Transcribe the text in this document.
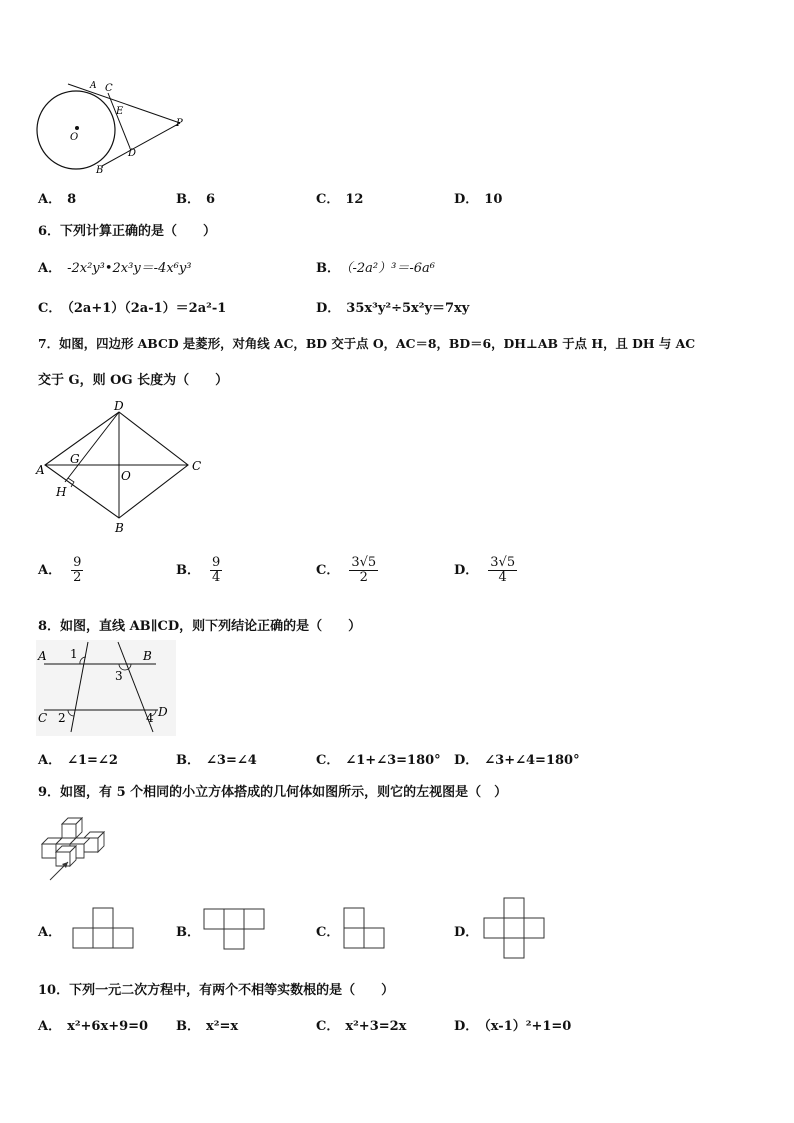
A C
E
P
O
D
B
A． 8	B． 6	C． 12	D． 10
6．下列计算正确的是（　　）
A． -2x²y³•2x³y＝-4x⁶y³	B． （-2a²）³＝-6a⁶
C． （2a+1）（2a-1）＝2a²-1	D． 35x³y²÷5x²y＝7xy
7．如图，四边形 ABCD 是菱形，对角线 AC，BD 交于点 O，AC＝8，BD＝6，DH⊥AB 于点 H，且 DH 与 AC
交于 G，则 OG 长度为（　　）
D
A
G
O
C
H
B
A． $\frac{9}{2}$	B． $\frac{9}{4}$	C． $\frac{3√5}{2}$	D． $\frac{3√5}{4}$
8．如图，直线 AB∥CD，则下列结论正确的是（　　）
A 1	B
3
C 2	4 D
A． ∠1=∠2	B． ∠3=∠4	C． ∠1+∠3=180° D． ∠3+∠4=180°
9．如图，有 5 个相同的小立方体搭成的几何体如图所示，则它的左视图是（　）
A．	B．	C．	D．
10．下列一元二次方程中，有两个不相等实数根的是（　　）
A． x²+6x+9=0 B． x²=x	C． x²+3=2x	D． （x-1）²+1=0
